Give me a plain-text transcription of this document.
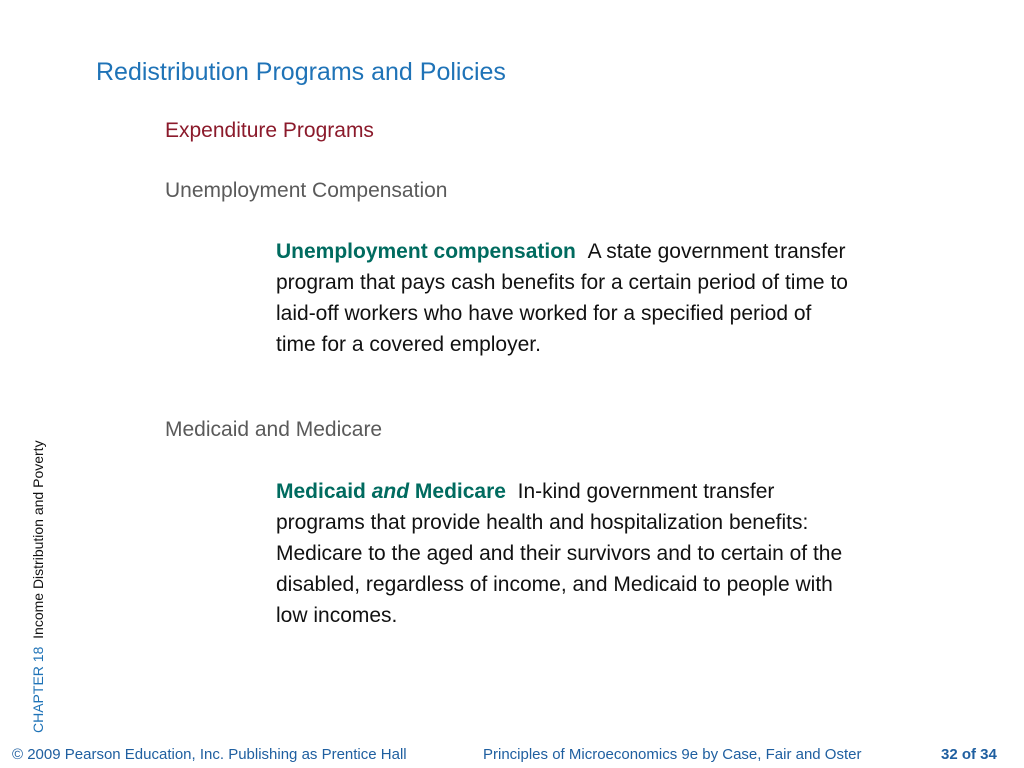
Redistribution Programs and Policies
Expenditure Programs
Unemployment Compensation
Unemployment compensation A state government transfer program that pays cash benefits for a certain period of time to laid-off workers who have worked for a specified period of time for a covered employer.
Medicaid and Medicare
Medicaid and Medicare In-kind government transfer programs that provide health and hospitalization benefits: Medicare to the aged and their survivors and to certain of the disabled, regardless of income, and Medicaid to people with low incomes.
CHAPTER 18  Income Distribution and Poverty
© 2009 Pearson Education, Inc. Publishing as Prentice Hall	Principles of Microeconomics 9e by Case, Fair and Oster	32 of 34
